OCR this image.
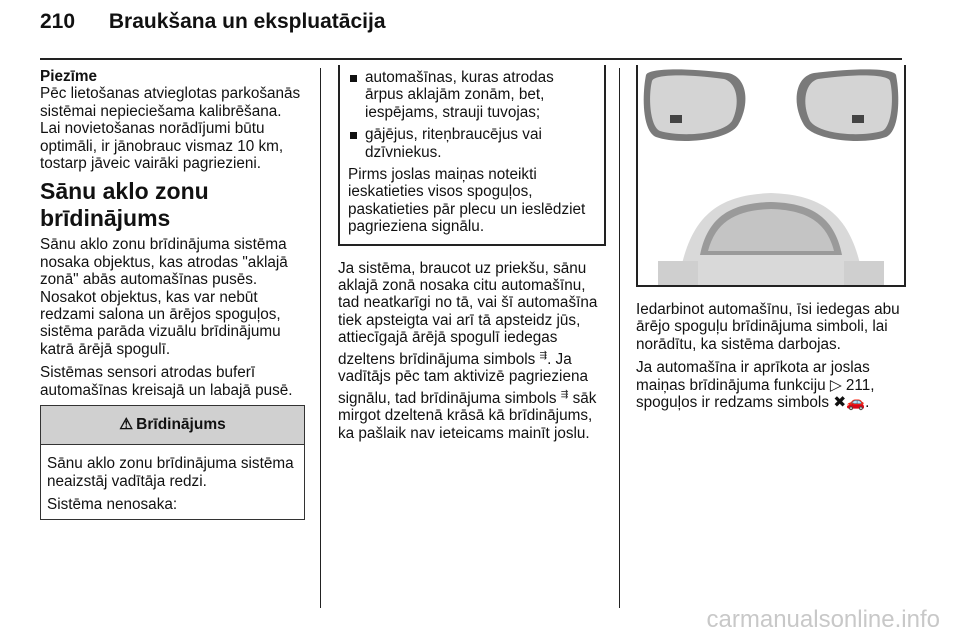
210 Braukšana un ekspluatācija
Piezīme

Pēc lietošanas atvieglotas parkošanās sistēmai nepieciešama kalibrēšana. Lai novietošanas norādījumi būtu optimāli, ir jānobrauc vismaz 10 km, tostarp jāveic vairāki pagriezieni.

Sānu aklo zonu brīdinājums

Sānu aklo zonu brīdinājuma sistēma nosaka objektus, kas atrodas "aklajā zonā" abās automašīnas pusēs. Nosakot objektus, kas var nebūt redzami salona un ārējos spoguļos, sistēma parāda vizuālu brīdinājumu katrā ārējā spogulī.

Sistēmas sensori atrodas buferī automašīnas kreisajā un labajā pusē.

⚠ Brīdinājums

Sānu aklo zonu brīdinājuma sistēma neaizstāj vadītāja redzi.

Sistēma nenosaka:

automašīnas, kuras atrodas ārpus aklajām zonām, bet, iespējams, strauji tuvojas;
gājējus, riteņbraucējus vai dzīvniekus.

Pirms joslas maiņas noteikti ieskatieties visos spoguļos, paskatieties pār plecu un ieslēdziet pagrieziena signālu.

Ja sistēma, braucot uz priekšu, sānu aklajā zonā nosaka citu automašīnu, tad neatkarīgi no tā, vai šī automašīna tiek apsteigta vai arī tā apsteidz jūs, attiecīgajā ārējā spogulī iedegas dzeltens brīdinājuma simbols ⇶. Ja vadītājs pēc tam aktivizē pagrieziena signālu, tad brīdinājuma simbols ⇶ sāk mirgot dzeltenā krāsā kā brīdinājums, ka pašlaik nav ieteicams mainīt joslu.

Iedarbinot automašīnu, īsi iedegas abu ārējo spoguļu brīdinājuma simboli, lai norādītu, ka sistēma darbojas.

Ja automašīna ir aprīkota ar joslas maiņas brīdinājuma funkciju ▷ 211, spoguļos ir redzams simbols ✖🚗.

carmanualsonline.info
